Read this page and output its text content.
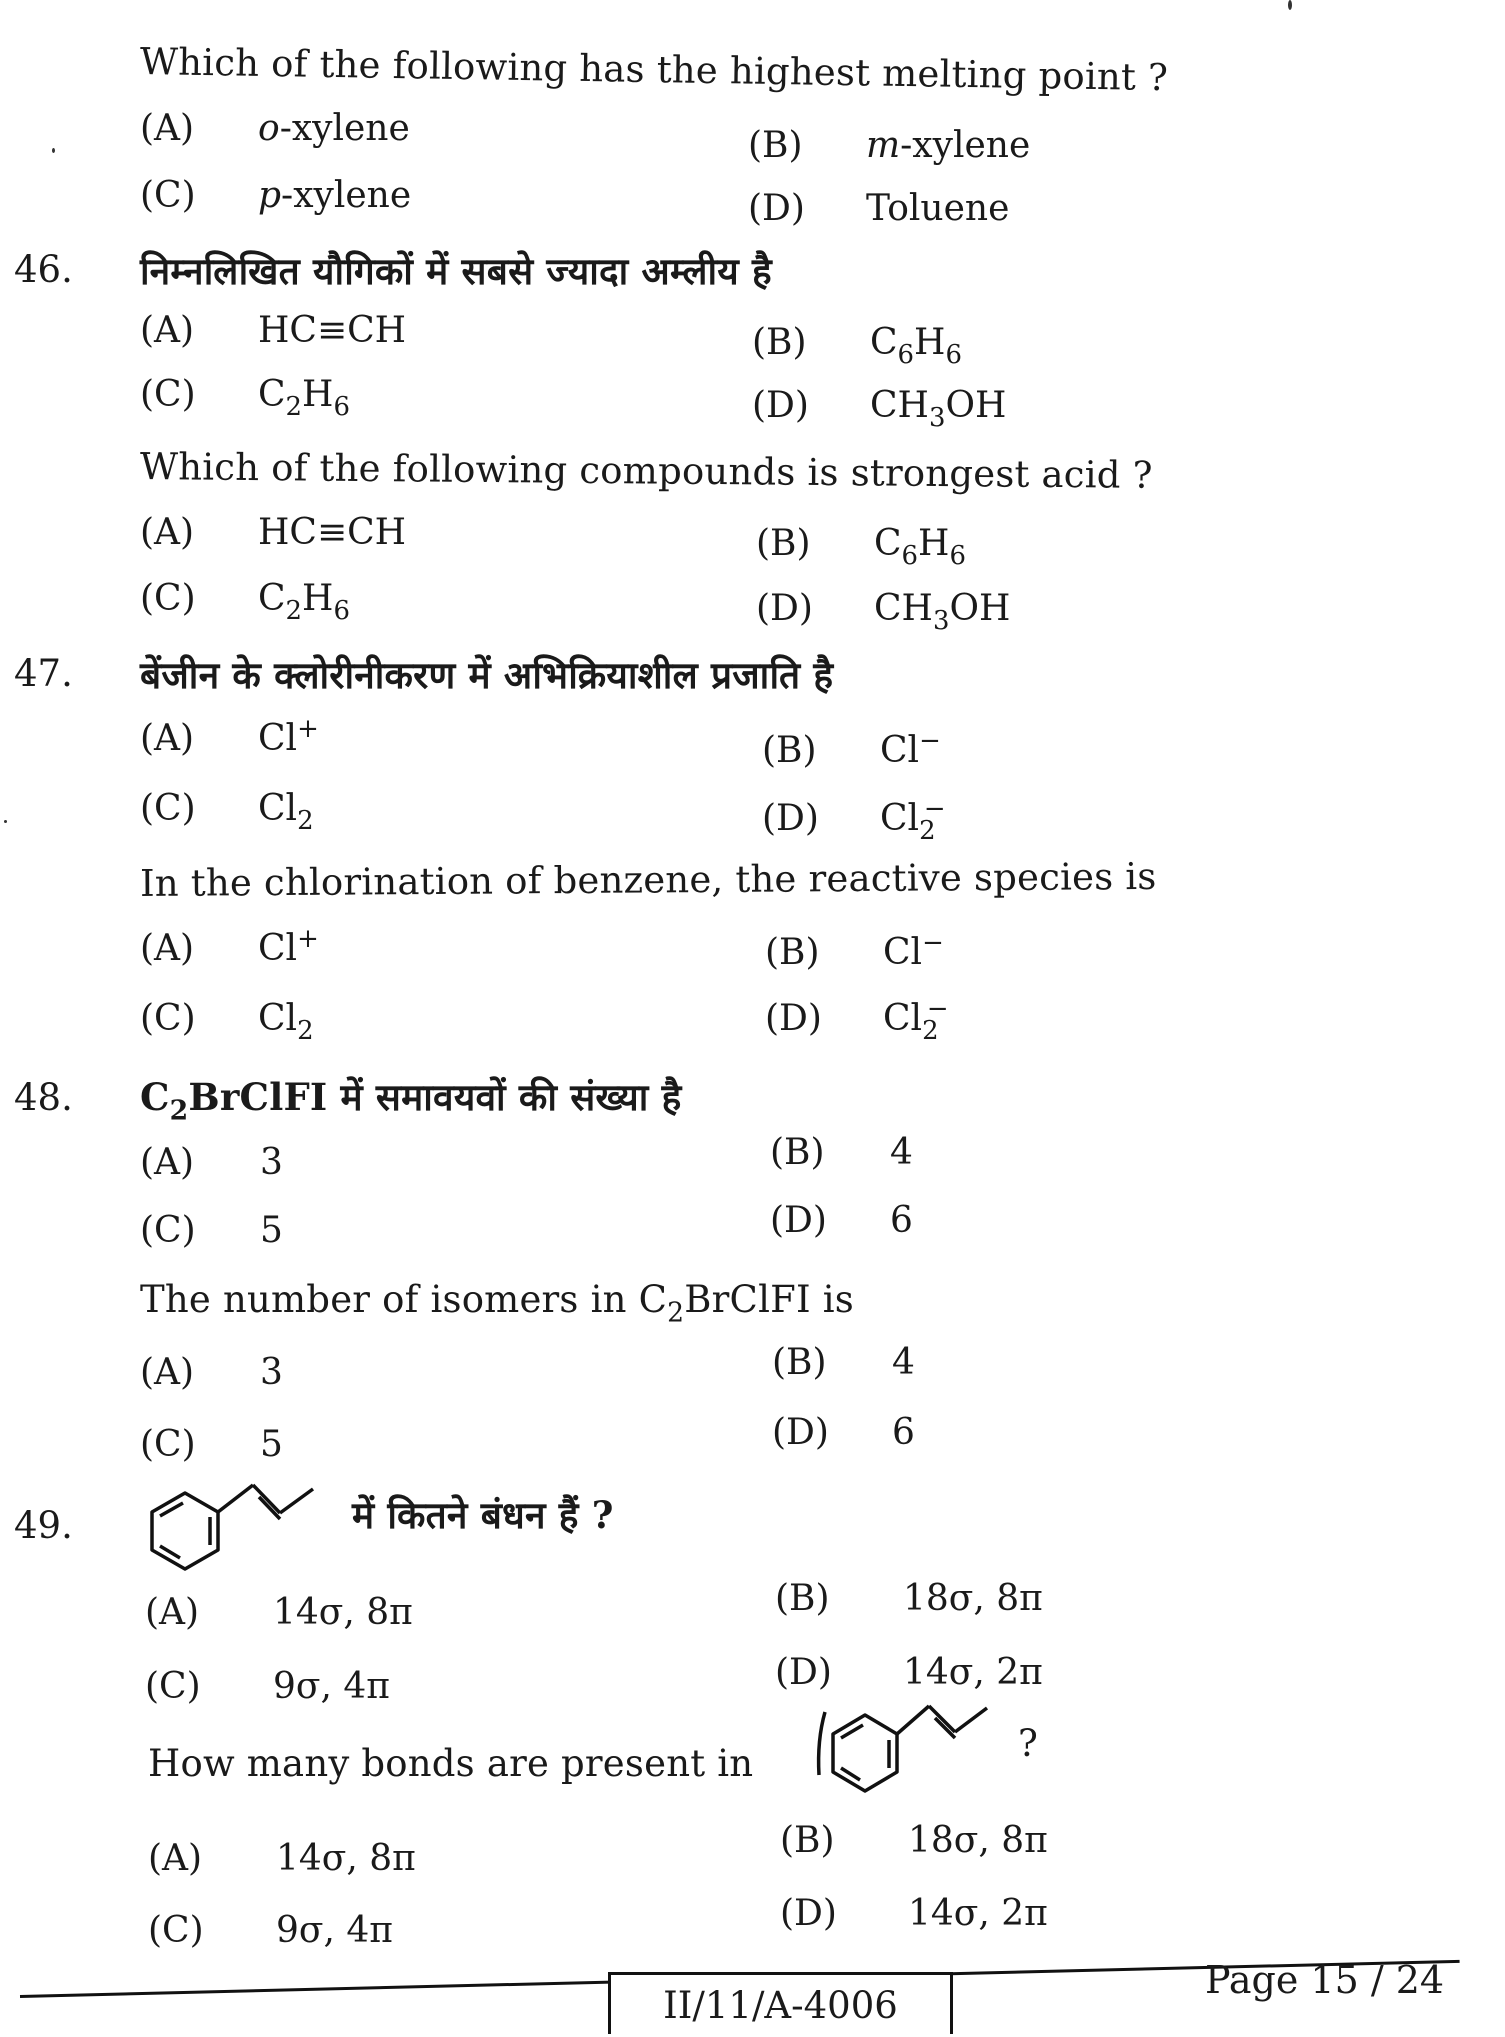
Which of the following has the highest melting point ?
(A) o-xylene	(B) m-xylene
(C) p-xylene	(D) Toluene
46. निम्नलिखित यौगिकों में सबसे ज्यादा अम्लीय है
(A) HC≡CH	(B) $C_6H_6$
(C) $C_2H_6$	(D) $CH_3OH$
Which of the following compounds is strongest acid ?
(A) HC≡CH	(B) $C_6H_6$
(C) $C_2H_6$	(D) $CH_3OH$
47. बेंजीन के क्लोरीनीकरण में अभिक्रियाशील प्रजाति है
(A) Cl+
(B) Cl−
(C) $Cl_2$	(D) $Cl_2^-$
In the chlorination of benzene, the reactive species is
(A) Cl+	(B) Cl−
(C) $Cl_2$	(D) $Cl_2^-$
48. $C_2BrClFI$ में समावयवों की संख्या है
(A) 3	(B) 4
(C) 5	(D) 6
The number of isomers in $C_2BrClFI$ is
(A) 3	(B) 4
(C) 5	(D) 6
49.	में कितने बंधन हैं ?
(A) 14σ, 8π	(B) 18σ, 8π
(C) 9σ, 4π	(D) 14σ, 2π
How many bonds are present in	?
(A) 14σ, 8π	(B) 18σ, 8π
(C) 9σ, 4π	(D) 14σ, 2π
II/11/A-4006
Page 15 / 24
